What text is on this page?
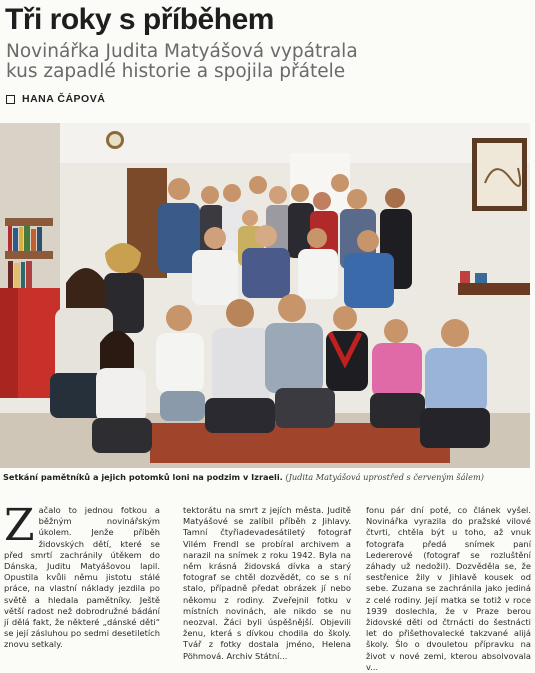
Tři roky s příběhem
Novinářka Judita Matyášová vypátrala kus zapadlé historie a spojila přátele
HANA ČÁPOVÁ
Setkání pamětníků a jejich potomků loni na podzim v Izraeli. (Judita Matyášová uprostřed s červeným šálem)
Začalo to jednou fotkou a běžným novinářským úkolem. Jenže příběh židovských dětí, které se před smrtí zachránily útěkem do Dánska, Juditu Matyášovou lapil. Opustila kvůli němu jistotu stálé práce, na vlastní náklady jezdila po světě a hledala pamětníky. Ještě větší radost než dobrodružné bádání jí dělá fakt, že některé „dánské děti“ se její zásluhou po sedmi desetiletích znovu setkaly.
tektorátu na smrt z jejích města. Juditě Matyášové se zalíbil příběh z Jihlavy. Tamní čtyřiadevadesátiletý fotograf Vilém Frendl se probíral archivem a narazil na snímek z roku 1942. Byla na něm krásná židovská dívka a starý fotograf se chtěl dozvědět, co se s ní stalo, případně předat obrázek jí nebo někomu z rodiny. Zveřejnil fotku v místních novinách, ale nikdo se nu neozval. Žáci byli úspěšnější. Objevili ženu, která s dívkou chodila do školy. Tvář z fotky dostala jméno, Helena Pöhmová. Archiv Státní...
fonu pár dní poté, co článek vyšel. Novinářka vyrazila do pražské vilové čtvrti, chtěla být u toho, až vnuk fotografa předá snímek paní Ledererové (fotograf se rozluštění záhady už nedožil). Dozvěděla se, že sestřenice žily v Jihlavě kousek od sebe. Zuzana se zachránila jako jediná z celé rodiny. Její matka se totiž v roce 1939 doslechla, že v Praze berou židovské děti od čtrnácti do šestnácti let do přišethovalecké takzvané alijá školy. Šlo o dvouletou přípravku na život v nové zemi, kterou absolvovala v...
